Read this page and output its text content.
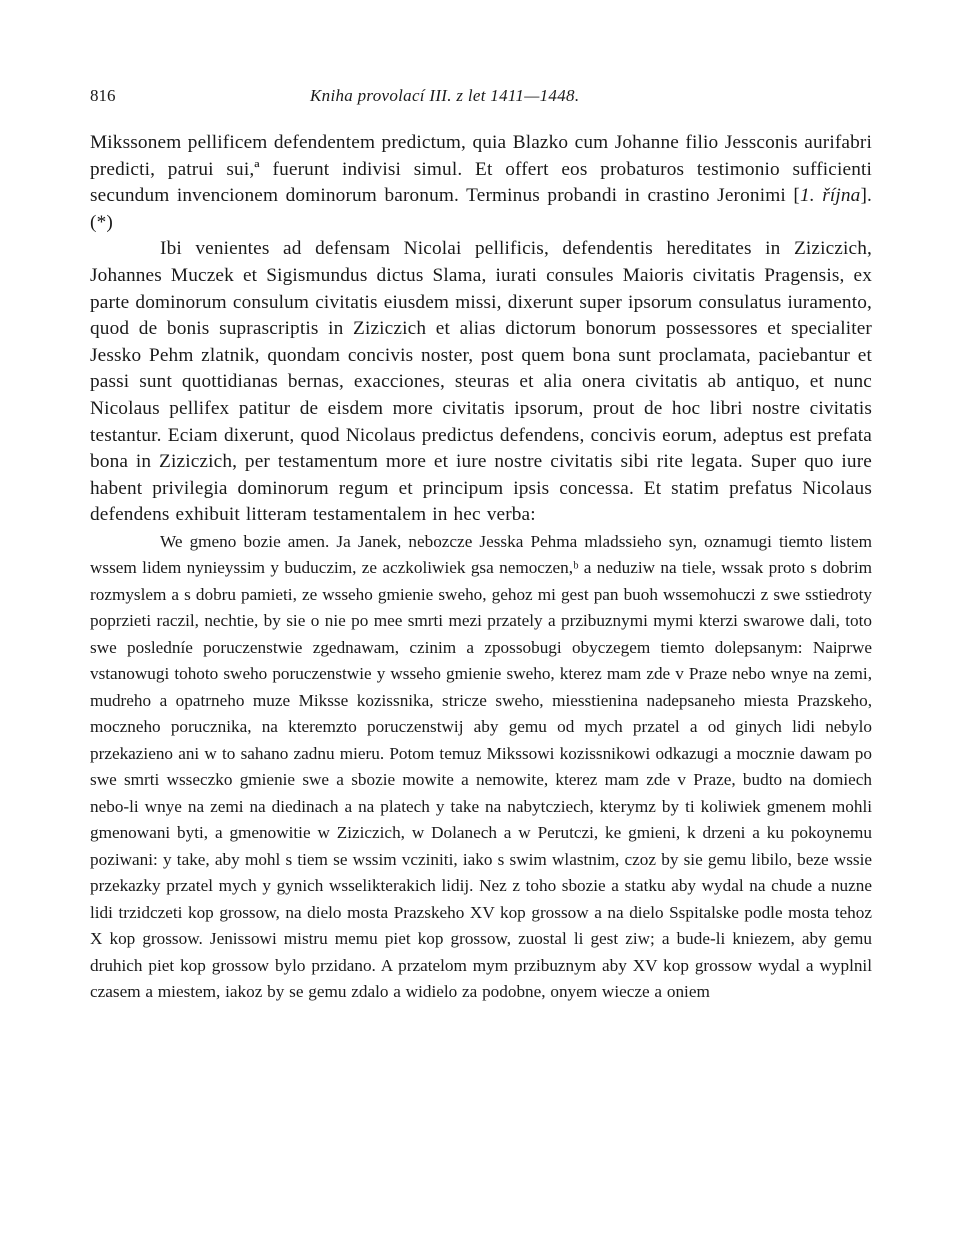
816	Kniha provolací III. z let 1411—1448.

Mikssonem pellificem defendentem predictum, quia Blazko cum Johanne filio Jessconis aurifabri predicti, patrui sui,ª fuerunt indivisi simul. Et offert eos probaturos testimonio sufficienti secundum invencionem dominorum baronum. Terminus probandi in crastino Jeronimi [1. října]. (*)

Ibi venientes ad defensam Nicolai pellificis, defendentis hereditates in Ziziczich, Johannes Muczek et Sigismundus dictus Slama, iurati consules Maioris civitatis Pragensis, ex parte dominorum consulum civitatis eiusdem missi, dixerunt super ipsorum consulatus iuramento, quod de bonis suprascriptis in Ziziczich et alias dictorum bonorum possessores et specialiter Jessko Pehm zlatnik, quondam concivis noster, post quem bona sunt proclamata, paciebantur et passi sunt quottidianas bernas, exacciones, steuras et alia onera civitatis ab antiquo, et nunc Nicolaus pellifex patitur de eisdem more civitatis ipsorum, prout de hoc libri nostre civitatis testantur. Eciam dixerunt, quod Nicolaus predictus defendens, concivis eorum, adeptus est prefata bona in Ziziczich, per testamentum more et iure nostre civitatis sibi rite legata. Super quo iure habent privilegia dominorum regum et principum ipsis concessa. Et statim prefatus Nicolaus defendens exhibuit litteram testamentalem in hec verba:

We gmeno bozie amen. Ja Janek, nebozcze Jesska Pehma mladssieho syn, oznamugi tiemto listem wssem lidem nynieyssim y buduczim, ze aczkoliwiek gsa nemoczen,ᵇ a neduziw na tiele, wssak proto s dobrim rozmyslem a s dobru pamieti, ze wsseho gmienie sweho, gehoz mi gest pan buoh wssemohuczi z swe sstiedroty poprzieti raczil, nechtie, by sie o nie po mee smrti mezi przately a przibuznymi mymi kterzi swarowe dali, toto swe posledníe poruczenstwie zgednawam, czinim a zpossobugi obyczegem tiemto dolepsanym: Naiprwe vstanowugi tohoto sweho poruczenstwie y wsseho gmienie sweho, kterez mam zde v Praze nebo wnye na zemi, mudreho a opatrneho muze Miksse kozissnika, stricze sweho, miesstienina nadepsaneho miesta Prazskeho, moczneho porucznika, na kteremzto poruczenstwij aby gemu od mych przatel a od ginych lidi nebylo przekazieno ani w to sahano zadnu mieru. Potom temuz Mikssowi kozissnikowi odkazugi a mocznie dawam po swe smrti wsseczko gmienie swe a sbozie mowite a nemowite, kterez mam zde v Praze, budto na domiech nebo-li wnye na zemi na diedinach a na platech y take na nabytcziech, kterymz by ti koliwiek gmenem mohli gmenowani byti, a gmenowitie w Ziziczich, w Dolanech a w Perutczi, ke gmieni, k drzeni a ku pokoynemu poziwani: y take, aby mohl s tiem se wssim vcziniti, iako s swim wlastnim, czoz by sie gemu libilo, beze wssie przekazky przatel mych y gynich wsselikterakich lidij. Nez z toho sbozie a statku aby wydal na chude a nuzne lidi trzidczeti kop grossow, na dielo mosta Prazskeho XV kop grossow a na dielo Sspitalske podle mosta tehoz X kop grossow. Jenissowi mistru memu piet kop grossow, zuostal li gest ziw; a bude-li kniezem, aby gemu druhich piet kop grossow bylo przidano. A przatelom mym przibuznym aby XV kop grossow wydal a wyplnil czasem a miestem, iakoz by se gemu zdalo a widielo za podobne, onyem wiecze a oniem
